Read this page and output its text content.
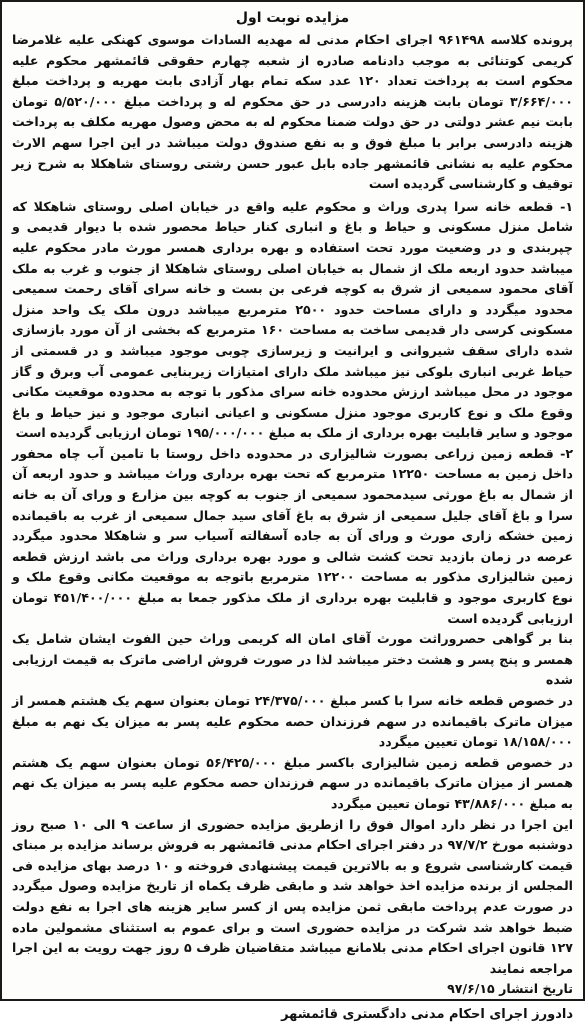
مزایده نوبت اول

پرونده کلاسه ۹۶۱۴۹۸ اجرای احکام مدنی له مهدیه السادات موسوی کهنکی علیه غلامرضا کریمی کوتنائی به موجب دادنامه صادره از شعبه چهارم حقوقی قائمشهر محکوم علیه محکوم است به پرداخت تعداد ۱۲۰ عدد سکه تمام بهار آزادی بابت مهریه و پرداخت مبلغ ۳/۶۶۴/۰۰۰ تومان بابت هزینه دادرسی در حق محکوم له و پرداخت مبلغ ۵/۵۲۰/۰۰۰ تومان بابت نیم عشر دولتی در حق دولت ضمنا محکوم له به محض وصول مهریه مکلف به پرداخت هزینه دادرسی برابر با مبلغ فوق و به نفع صندوق دولت میباشد در این اجرا سهم الارث محکوم علیه به نشانی قائمشهر جاده بابل عبور حسن رشتی روستای شاهکلا به شرح زیر توقیف و کارشناسی گردیده است

۱- قطعه خانه سرا پدری وراث و محکوم علیه واقع در خیابان اصلی روستای شاهکلا که شامل منزل مسکونی و حیاط و باغ و انباری کنار حیاط محصور شده با دیوار قدیمی و چپربندی و در وضعیت مورد تحت استفاده و بهره برداری همسر مورث مادر محکوم علیه میباشد حدود اربعه ملک از شمال به خیابان اصلی روستای شاهکلا از جنوب و غرب به ملک آقای محمود سمیعی از شرق به کوچه فرعی بن بست و خانه سرای آقای رحمت سمیعی محدود میگردد و دارای مساحت حدود ۲۵۰۰ مترمربع میباشد درون ملک یک واحد منزل مسکونی کرسی دار قدیمی ساخت به مساحت ۱۶۰ مترمربع که بخشی از آن مورد بازسازی شده دارای سقف شیروانی و ایرانیت و زیرسازی چوبی موجود میباشد و در قسمتی از حیاط غربی انباری بلوکی نیز میباشد ملک دارای امتیازات زیربنایی عمومی آب وبرق و گاز موجود در محل میباشد ارزش محدوده خانه سرای مذکور با توجه به محدوده موقعیت مکانی وقوع ملک و نوع کاربری موجود منزل مسکونی و اعیانی انباری موجود و نیز حیاط و باغ موجود و سایر قابلیت بهره برداری از ملک به مبلغ ۱۹۵/۰۰۰/۰۰۰ تومان ارزیابی گردیده است

۲- قطعه زمین زراعی بصورت شالیزاری در محدوده داخل روستا با تامین آب چاه محفور داخل زمین به مساحت ۱۲۲۵۰ مترمربع که تحت بهره برداری وراث میباشد و حدود اربعه آن از شمال به باغ مورثی سیدمحمود سمیعی از جنوب به کوچه بین مزارع و ورای آن به خانه سرا و باغ آقای جلیل سمیعی از شرق به باغ آقای سید جمال سمیعی از غرب به باقیمانده زمین خشکه زاری مورث و ورای آن به جاده آسفالته آسیاب سر و شاهکلا محدود میگردد عرصه در زمان بازدید تحت کشت شالی و مورد بهره برداری وراث می باشد ارزش قطعه زمین شالیزاری مذکور به مساحت ۱۲۲۰۰ مترمربع باتوجه به موقعیت مکانی وقوع ملک و نوع کاربری موجود و قابلیت بهره برداری از ملک مذکور جمعا به مبلغ ۴۵۱/۴۰۰/۰۰۰ تومان ارزیابی گردیده است

بنا بر گواهی حصروراثت مورث آقای امان اله کریمی وراث حین الفوت ایشان شامل یک همسر و پنج پسر و هشت دختر میباشد لذا در صورت فروش اراضی ماترک به قیمت ارزیابی شده

در خصوص قطعه خانه سرا با کسر مبلغ ۲۴/۳۷۵/۰۰۰ تومان بعنوان سهم یک هشتم همسر از میزان ماترک باقیمانده در سهم فرزندان حصه محکوم علیه پسر به میزان یک نهم به مبلغ ۱۸/۱۵۸/۰۰۰ تومان تعیین میگردد

در خصوص قطعه زمین شالیزاری باکسر مبلغ ۵۶/۴۲۵/۰۰۰ تومان بعنوان سهم یک هشتم همسر از میزان ماترک باقیمانده در سهم فرزندان حصه محکوم علیه پسر به میزان یک نهم به مبلغ ۴۳/۸۸۶/۰۰۰ تومان تعیین میگردد

این اجرا در نظر دارد اموال فوق را ازطریق مزایده حضوری از ساعت ۹ الی ۱۰ صبح روز دوشنبه مورخ ۹۷/۷/۲ در دفتر اجرای احکام مدنی قائمشهر به فروش برساند مزایده بر مبنای قیمت کارشناسی شروع و به بالاترین قیمت پیشنهادی فروخته و ۱۰ درصد بهای مزایده فی المجلس از برنده مزایده اخذ خواهد شد و مابقی ظرف یکماه از تاریخ مزایده وصول میگردد در صورت عدم پرداخت مابقی ثمن مزایده پس از کسر سایر هزینه های اجرا به نفع دولت ضبط خواهد شد شرکت در مزایده حضوری است و برای عموم به استثنای مشمولین ماده ۱۲۷ قانون اجرای احکام مدنی بلامانع میباشد متقاضیان ظرف ۵ روز جهت رویت به این اجرا مراجعه نمایند

تاریخ انتشار ۹۷/۶/۱۵

دادورز اجرای احکام مدنی دادگستری قائمشهر
